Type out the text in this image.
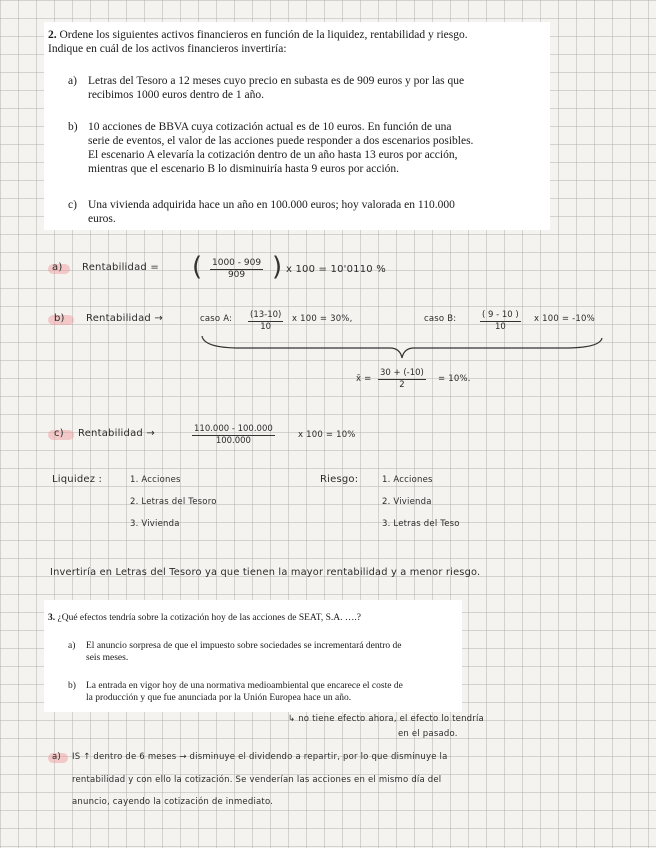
2. Ordene los siguientes activos financieros en función de la liquidez, rentabilidad y riesgo.
Indique en cuál de los activos financieros invertiría:
a) Letras del Tesoro a 12 meses cuyo precio en subasta es de 909 euros y por las que
recibimos 1000 euros dentro de 1 año.
b) 10 acciones de BBVA cuya cotización actual es de 10 euros. En función de una
serie de eventos, el valor de las acciones puede responder a dos escenarios posibles.
El escenario A elevaría la cotización dentro de un año hasta 13 euros por acción,
mientras que el escenario B lo disminuiría hasta 9 euros por acción.
c) Una vivienda adquirida hace un año en 100.000 euros; hoy valorada en 110.000
euros.
a) Rentabilidad = ( $\frac{1000 - 909}{909}$ ) x 100 = 10'0110 %
b) Rentabilidad →	caso A: $\frac{(13-10)}{10}$ x 100 = 30%,	caso B:	$\frac{( 9 - 10 )}{10}$ x 100 = -10%
x̄ = $\frac{30 + (-10)}{2} = 10\%$.
c) Rentabilidad →	$\frac{110.000 - 100.000}{100.000}$	x 100 = 10%
Liquidez :	1. Acciones
2. Letras del Tesoro
3. Vivienda
Riesgo:	1. Acciones
2. Vivienda
3. Letras del Teso
Invertiría en Letras del Tesoro ya que tienen la mayor rentabilidad y a menor riesgo.
3. ¿Qué efectos tendría sobre la cotización hoy de las acciones de SEAT, S.A. ….?
a) El anuncio sorpresa de que el impuesto sobre sociedades se incrementará dentro de
seis meses.
b) La entrada en vigor hoy de una normativa medioambiental que encarece el coste de
la producción y que fue anunciada por la Unión Europea hace un año.
↳ no tiene efecto ahora, el efecto lo tendría
en el pasado.
a) IS ↑ dentro de 6 meses → disminuye el dividendo a repartir, por lo que disminuye la
rentabilidad y con ello la cotización. Se venderían las acciones en el mismo día del
anuncio, cayendo la cotización de inmediato.
